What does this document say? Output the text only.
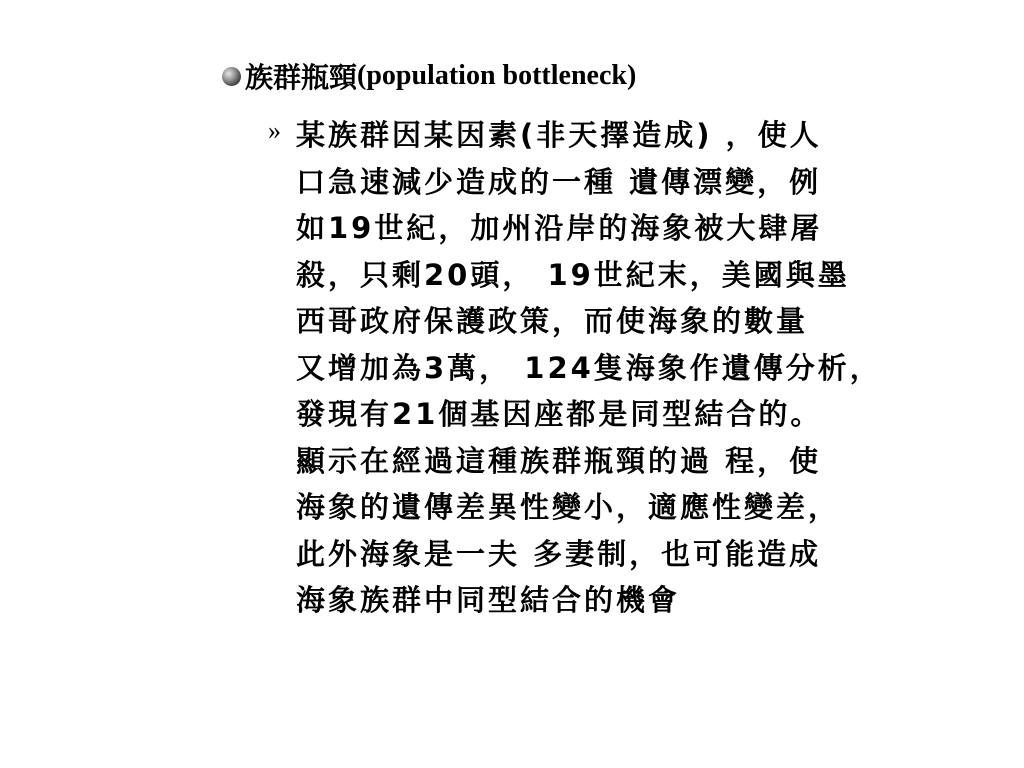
族群瓶頸 (population bottleneck)
» 某族群因某因素(非天擇造成) ，使人
口急速減少造成的一種 遺傳漂變，例
如19世紀，加州沿岸的海象被大肆屠
殺，只剩20頭， 19世紀末，美國與墨
西哥政府保護政策，而使海象的數量
又增加為3萬， 124隻海象作遺傳分析，
發現有21個基因座都是同型結合的。
顯示在經過這種族群瓶頸的過 程，使
海象的遺傳差異性變小，適應性變差，
此外海象是一夫 多妻制，也可能造成
海象族群中同型結合的機會
